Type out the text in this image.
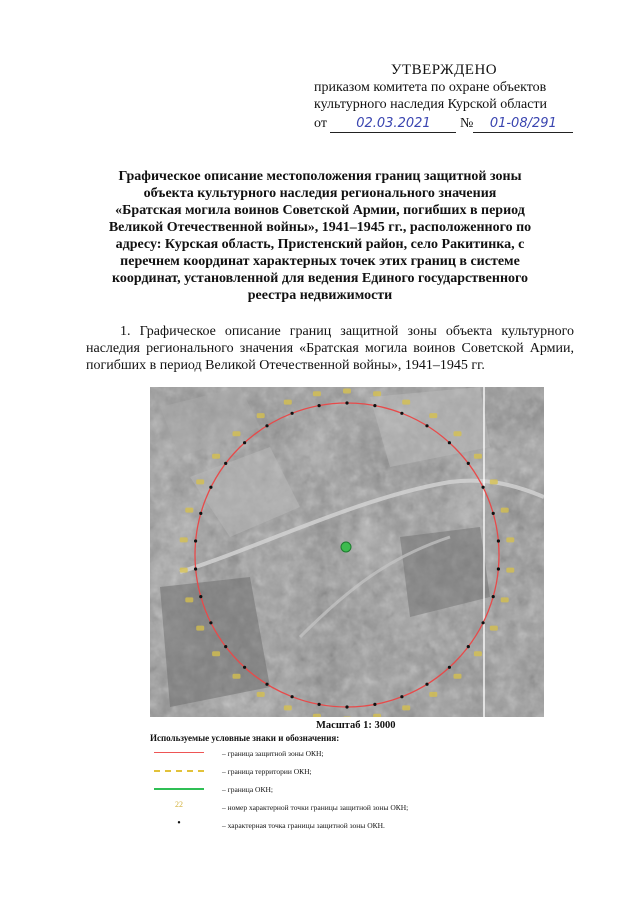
УТВЕРЖДЕНО
приказом комитета по охране объектов
культурного наследия Курской области
от 02.03.2021 № 01-08/291
Графическое описание местоположения границ защитной зоны
объекта культурного наследия регионального значения
«Братская могила воинов Советской Армии, погибших в период
Великой Отечественной войны», 1941–1945 гг., расположенного по
адресу: Курская область, Пристенский район, село Ракитинка, с
перечнем координат характерных точек этих границ в системе
координат, установленной для ведения Единого государственного
реестра недвижимости
1. Графическое описание границ защитной зоны объекта культурного наследия регионального значения «Братская могила воинов Советской Армии, погибших в период Великой Отечественной войны», 1941–1945 гг.
Масштаб 1: 3000
Используемые условные знаки и обозначения:
– граница защитной зоны ОКН;
– граница территории ОКН;
– граница ОКН;
22	– номер характерной точки границы защитной зоны ОКН;
•	– характерная точка границы защитной зоны ОКН.
